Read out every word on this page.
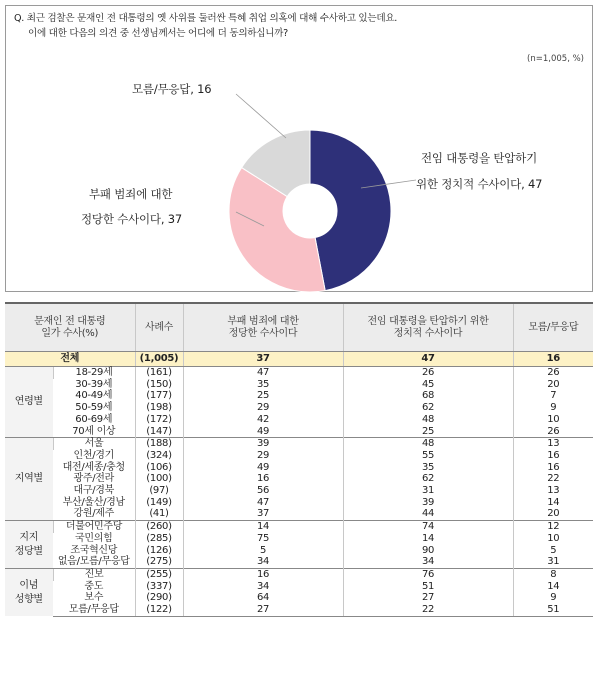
Q. 최근 검찰은 문재인 전 대통령의 옛 사위를 둘러싼 특혜 취업 의혹에 대해 수사하고 있는데요.
이에 대한 다음의 의견 중 선생님께서는 어디에 더 동의하십니까?
(n=1,005, %)
전임 대통령을 탄압하기
위한 정치적 수사이다, 47
부패 범죄에 대한
정당한 수사이다, 37
모름/무응답, 16
문재인 전 대통령
일가 수사(%)		사례수	부패 범죄에 대한
정당한 수사이다	전임 대통령을 탄압하기 위한
정치적 수사이다	모름/무응답
전체		(1,005)	37	47	16
연령별	18-29세	(161)	47	26	26
	30-39세	(150)	35	45	20
	40-49세	(177)	25	68	7
	50-59세	(198)	29	62	9
	60-69세	(172)	42	48	10
	70세 이상	(147)	49	25	26
지역별	서울	(188)	39	48	13
	인천/경기	(324)	29	55	16
	대전/세종/충청	(106)	49	35	16
	광주/전라	(100)	16	62	22
	대구/경북	(97)	56	31	13
	부산/울산/경남	(149)	47	39	14
	강원/제주	(41)	37	44	20
지지
정당별	더불어민주당	(260)	14	74	12
	국민의힘	(285)	75	14	10
	조국혁신당	(126)	5	90	5
	없음/모름/무응답	(275)	34	34	31
이념
성향별	진보	(255)	16	76	8
	중도	(337)	34	51	14
	보수	(290)	64	27	9
	모름/무응답	(122)	27	22	51
